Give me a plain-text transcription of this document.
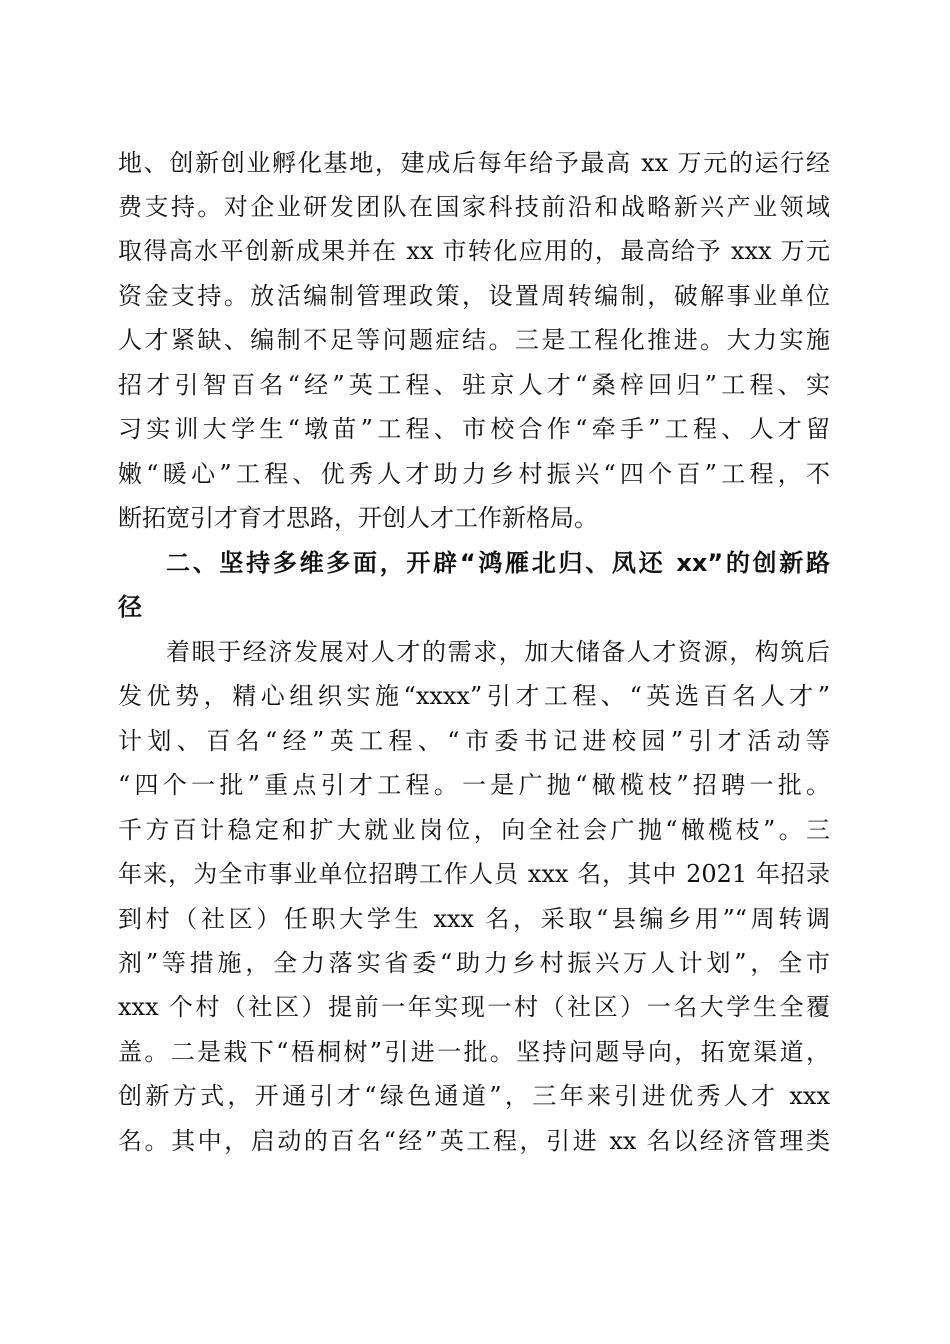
地、创新创业孵化基地，建成后每年给予最高 xx 万元的运行经
费支持。对企业研发团队在国家科技前沿和战略新兴产业领域
取得高水平创新成果并在 xx 市转化应用的，最高给予 xxx 万元
资金支持。放活编制管理政策，设置周转编制，破解事业单位
人才紧缺、编制不足等问题症结。三是工程化推进。大力实施
招才引智百名“经”英工程、驻京人才“桑梓回归”工程、实
习实训大学生“墩苗”工程、市校合作“牵手”工程、人才留
嫩“暖心”工程、优秀人才助力乡村振兴“四个百”工程，不
断拓宽引才育才思路，开创人才工作新格局。
二、坚持多维多面，开辟“鸿雁北归、凤还 xx”的创新路
径
着眼于经济发展对人才的需求，加大储备人才资源，构筑后
发优势，精心组织实施“xxxx”引才工程、“英选百名人才”
计划、百名“经”英工程、“市委书记进校园”引才活动等
“四个一批”重点引才工程。一是广抛“橄榄枝”招聘一批。
千方百计稳定和扩大就业岗位，向全社会广抛“橄榄枝”。三
年来，为全市事业单位招聘工作人员 xxx 名，其中 2021 年招录
到村（社区）任职大学生 xxx 名，采取“县编乡用”“周转调
剂”等措施，全力落实省委“助力乡村振兴万人计划”，全市
xxx 个村（社区）提前一年实现一村（社区）一名大学生全覆
盖。二是栽下“梧桐树”引进一批。坚持问题导向，拓宽渠道，
创新方式，开通引才“绿色通道”，三年来引进优秀人才 xxx
名。其中，启动的百名“经”英工程，引进 xx 名以经济管理类
